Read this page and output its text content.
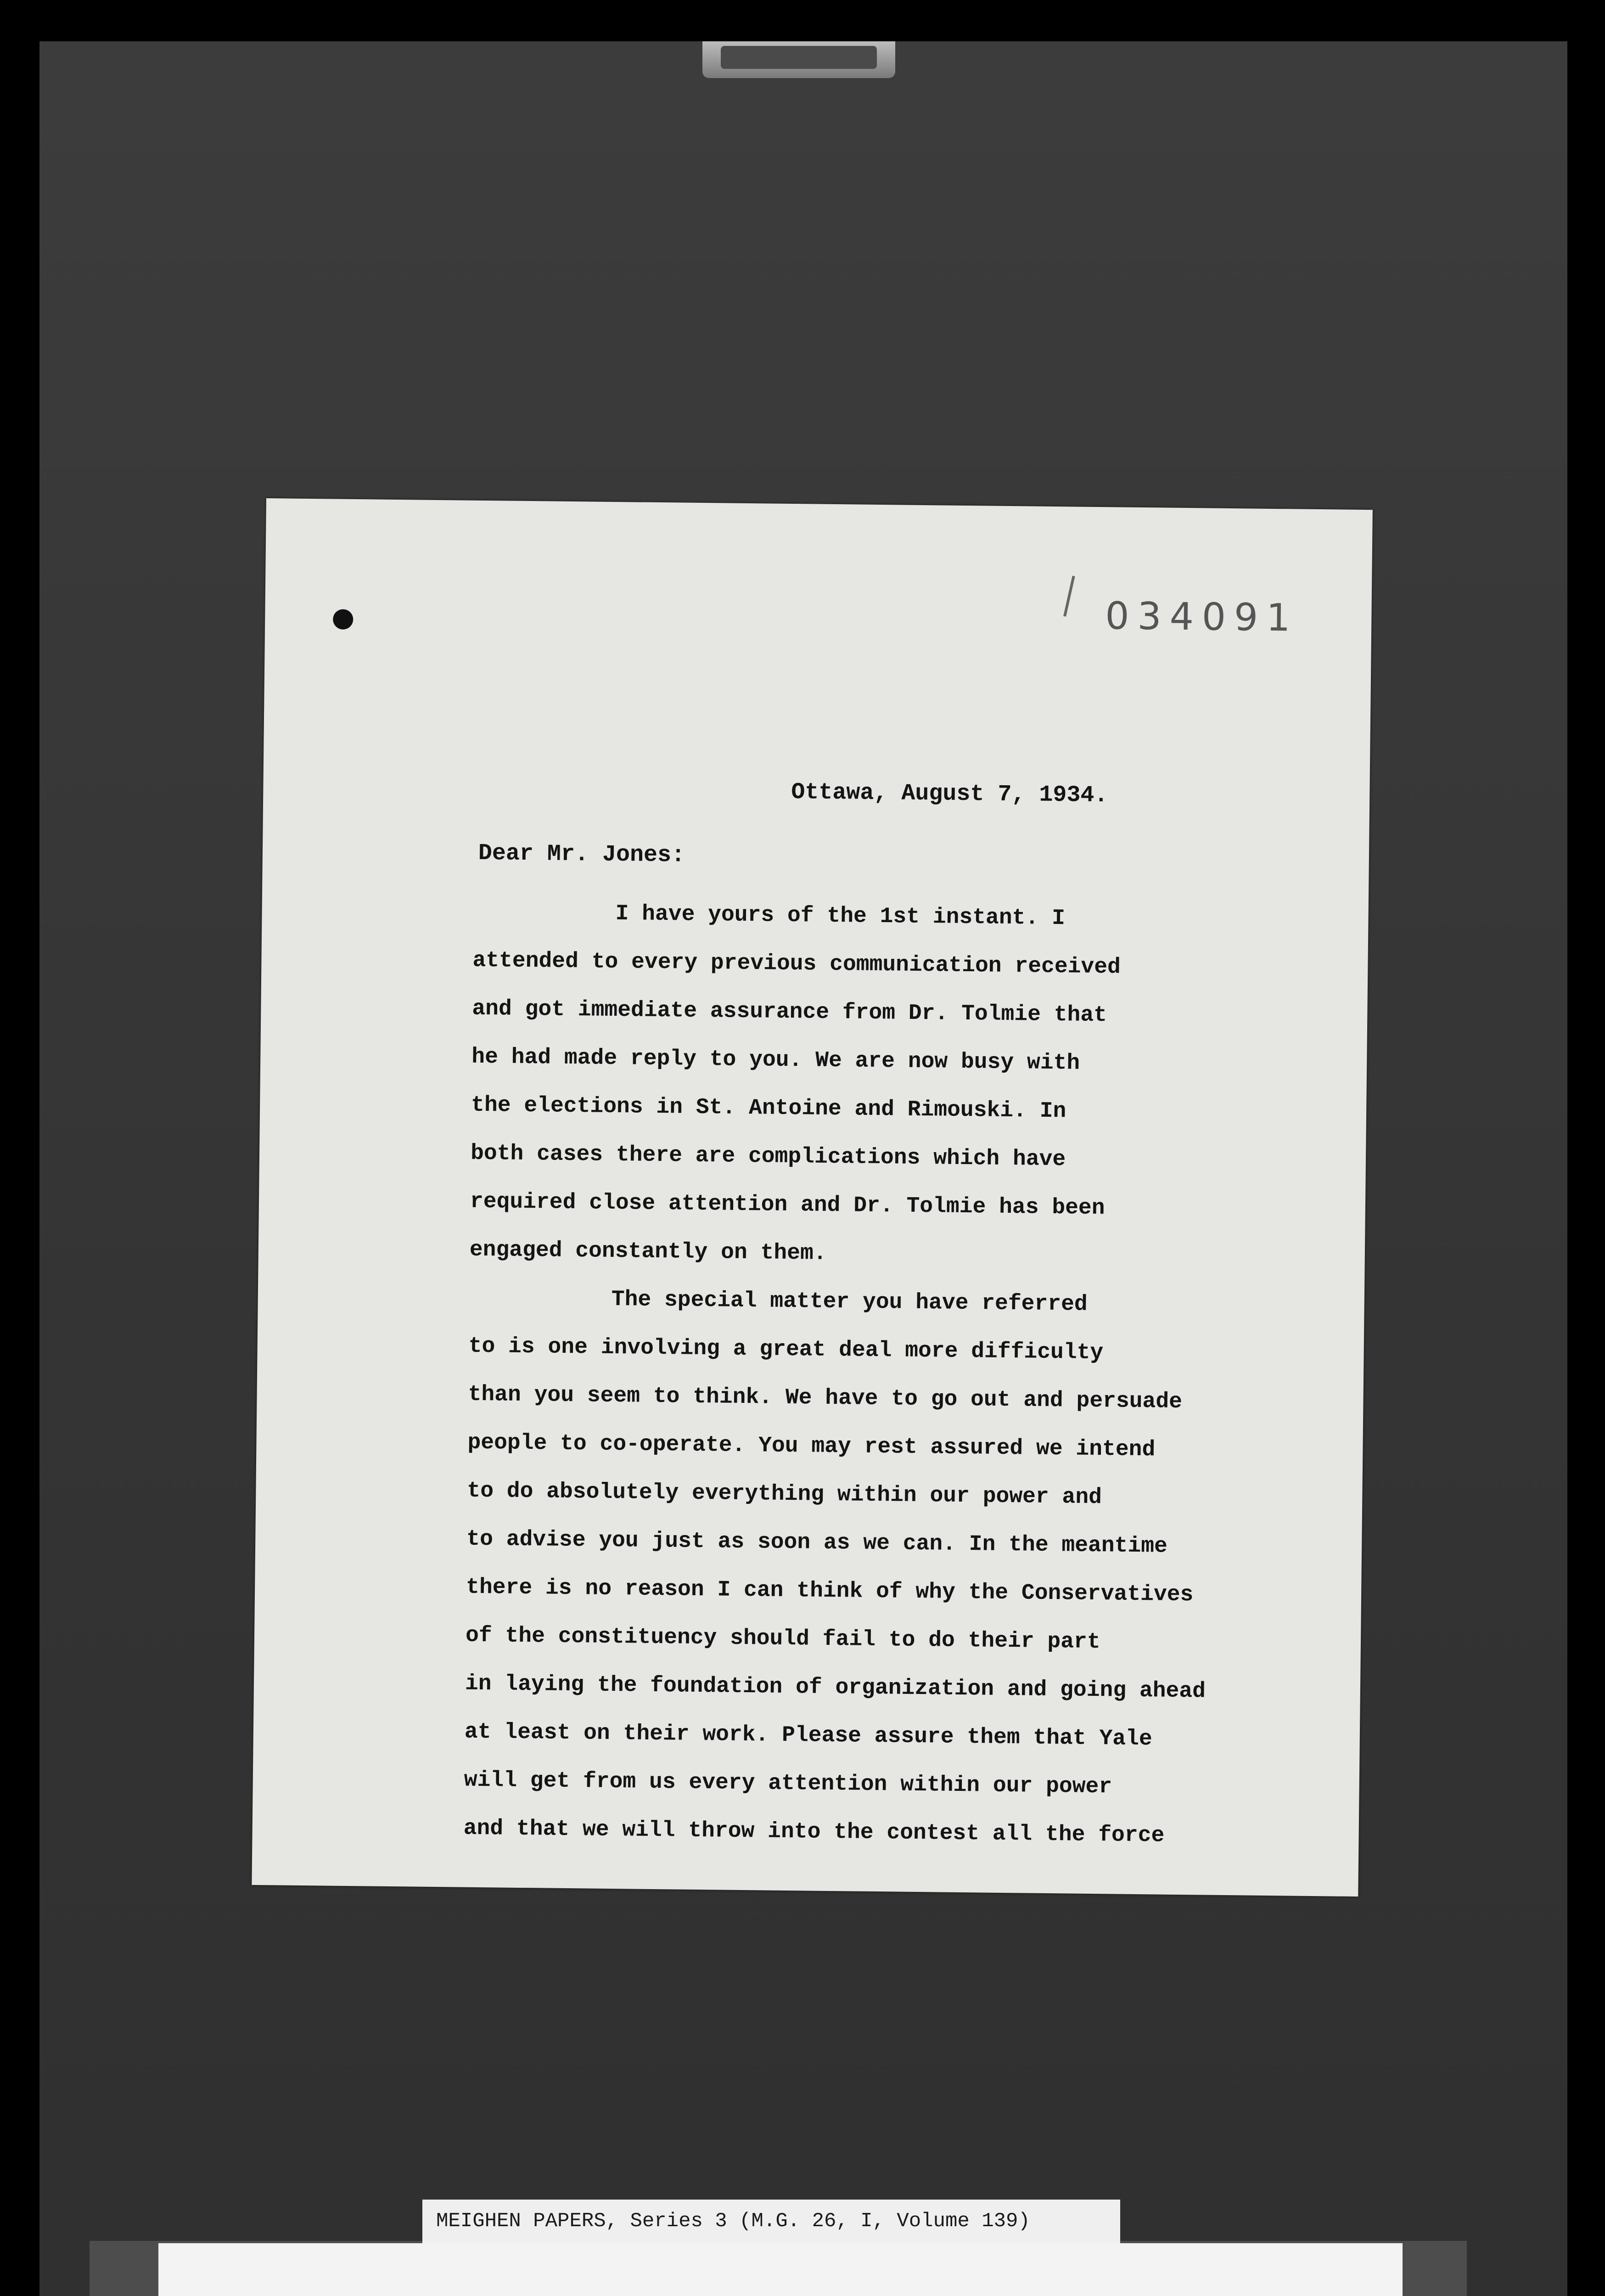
034091
Ottawa, August 7, 1934.
Dear Mr. Jones:
I have yours of the 1st instant. I
attended to every previous communication received
and got immediate assurance from Dr. Tolmie that
he had made reply to you. We are now busy with
the elections in St. Antoine and Rimouski. In
both cases there are complications which have
required close attention and Dr. Tolmie has been
engaged constantly on them.
The special matter you have referred
to is one involving a great deal more difficulty
than you seem to think. We have to go out and persuade
people to co-operate. You may rest assured we intend
to do absolutely everything within our power and
to advise you just as soon as we can. In the meantime
there is no reason I can think of why the Conservatives
of the constituency should fail to do their part
in laying the foundation of organization and going ahead
at least on their work. Please assure them that Yale
will get from us every attention within our power
and that we will throw into the contest all the force
MEIGHEN PAPERS, Series 3 (M.G. 26, I, Volume 139)
